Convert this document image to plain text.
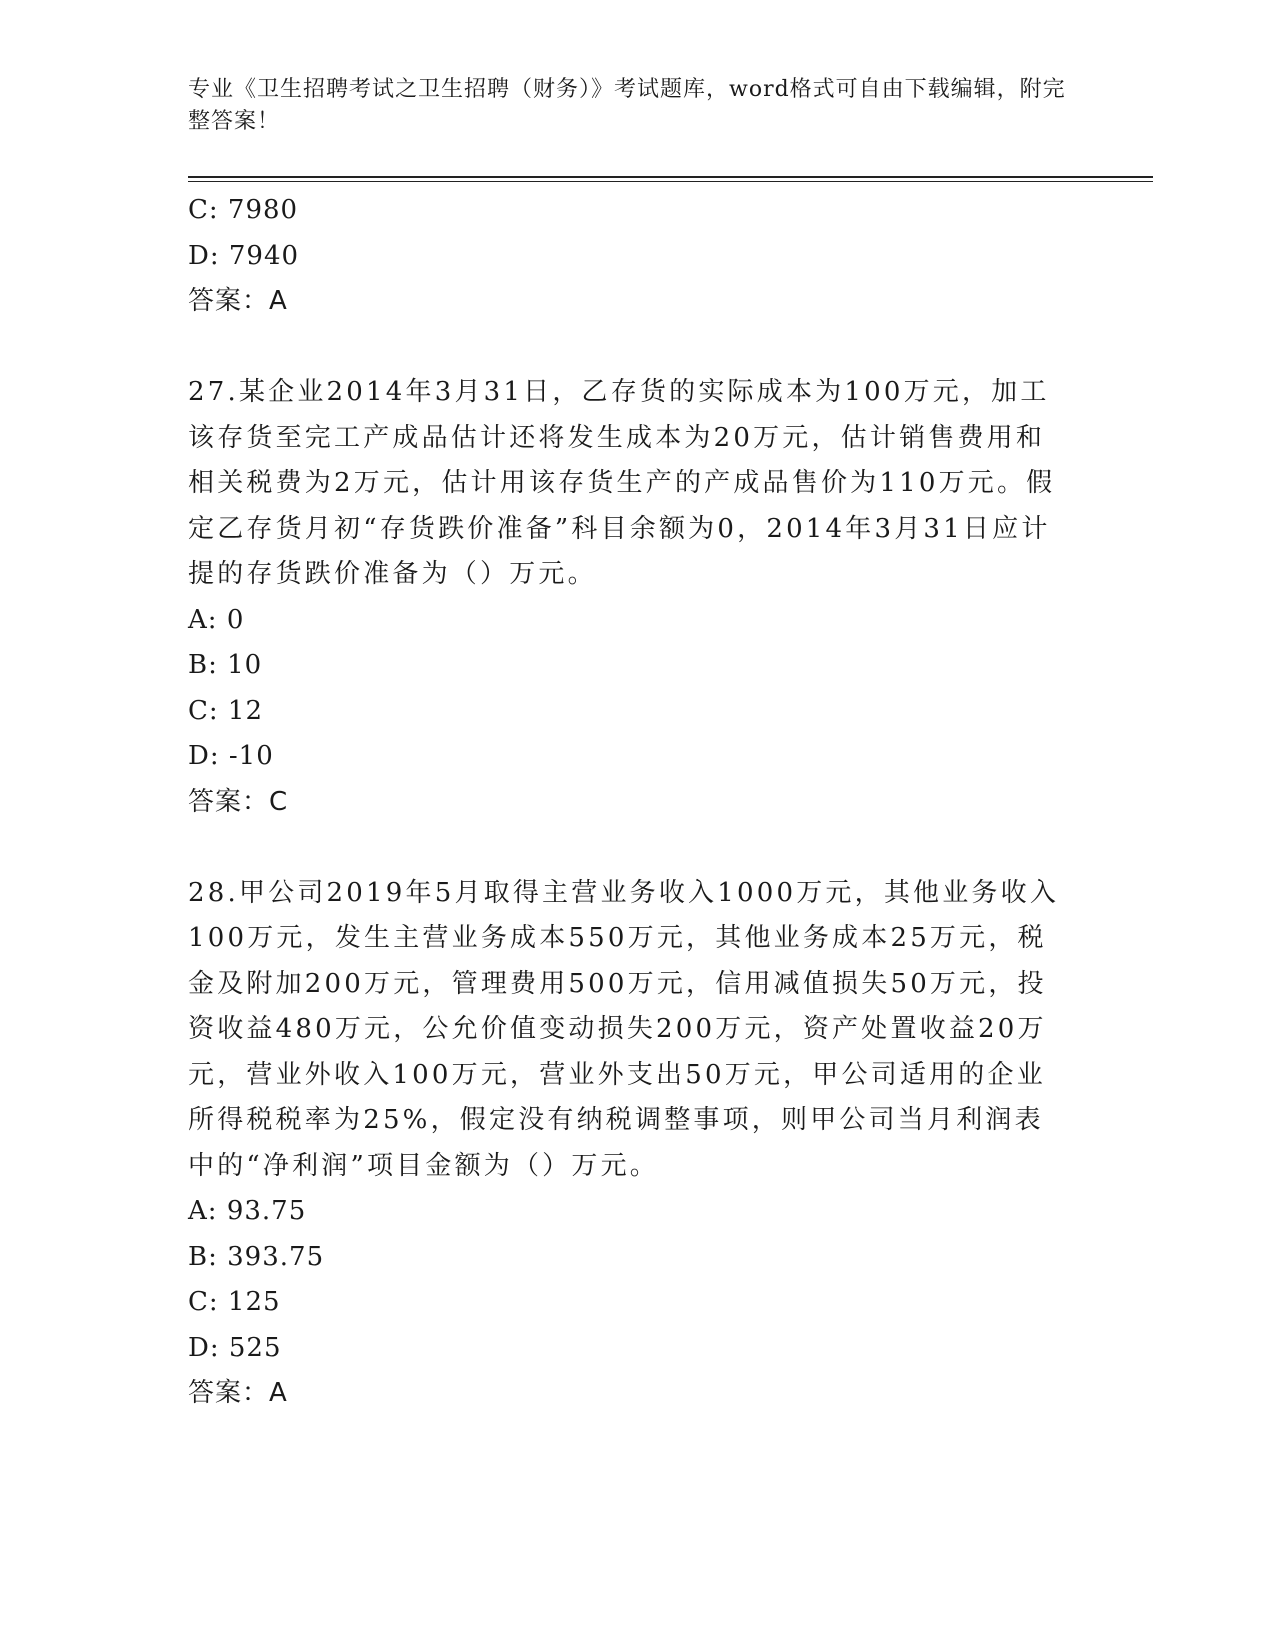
专业《卫生招聘考试之卫生招聘（财务）》考试题库，word格式可自由下载编辑，附完整答案！
C: 7980
D: 7940
答案：A
27.某企业2014年3月31日，乙存货的实际成本为100万元，加工该存货至完工产成品估计还将发生成本为20万元，估计销售费用和相关税费为2万元，估计用该存货生产的产成品售价为110万元。假定乙存货月初“存货跌价准备”科目余额为0，2014年3月31日应计提的存货跌价准备为（）万元。
A: 0
B: 10
C: 12
D: -10
答案：C
28.甲公司2019年5月取得主营业务收入1000万元，其他业务收入100万元，发生主营业务成本550万元，其他业务成本25万元，税金及附加200万元，管理费用500万元，信用减值损失50万元，投资收益480万元，公允价值变动损失200万元，资产处置收益20万元，营业外收入100万元，营业外支出50万元，甲公司适用的企业所得税税率为25%，假定没有纳税调整事项，则甲公司当月利润表中的“净利润”项目金额为（）万元。
A: 93.75
B: 393.75
C: 125
D: 525
答案：A
